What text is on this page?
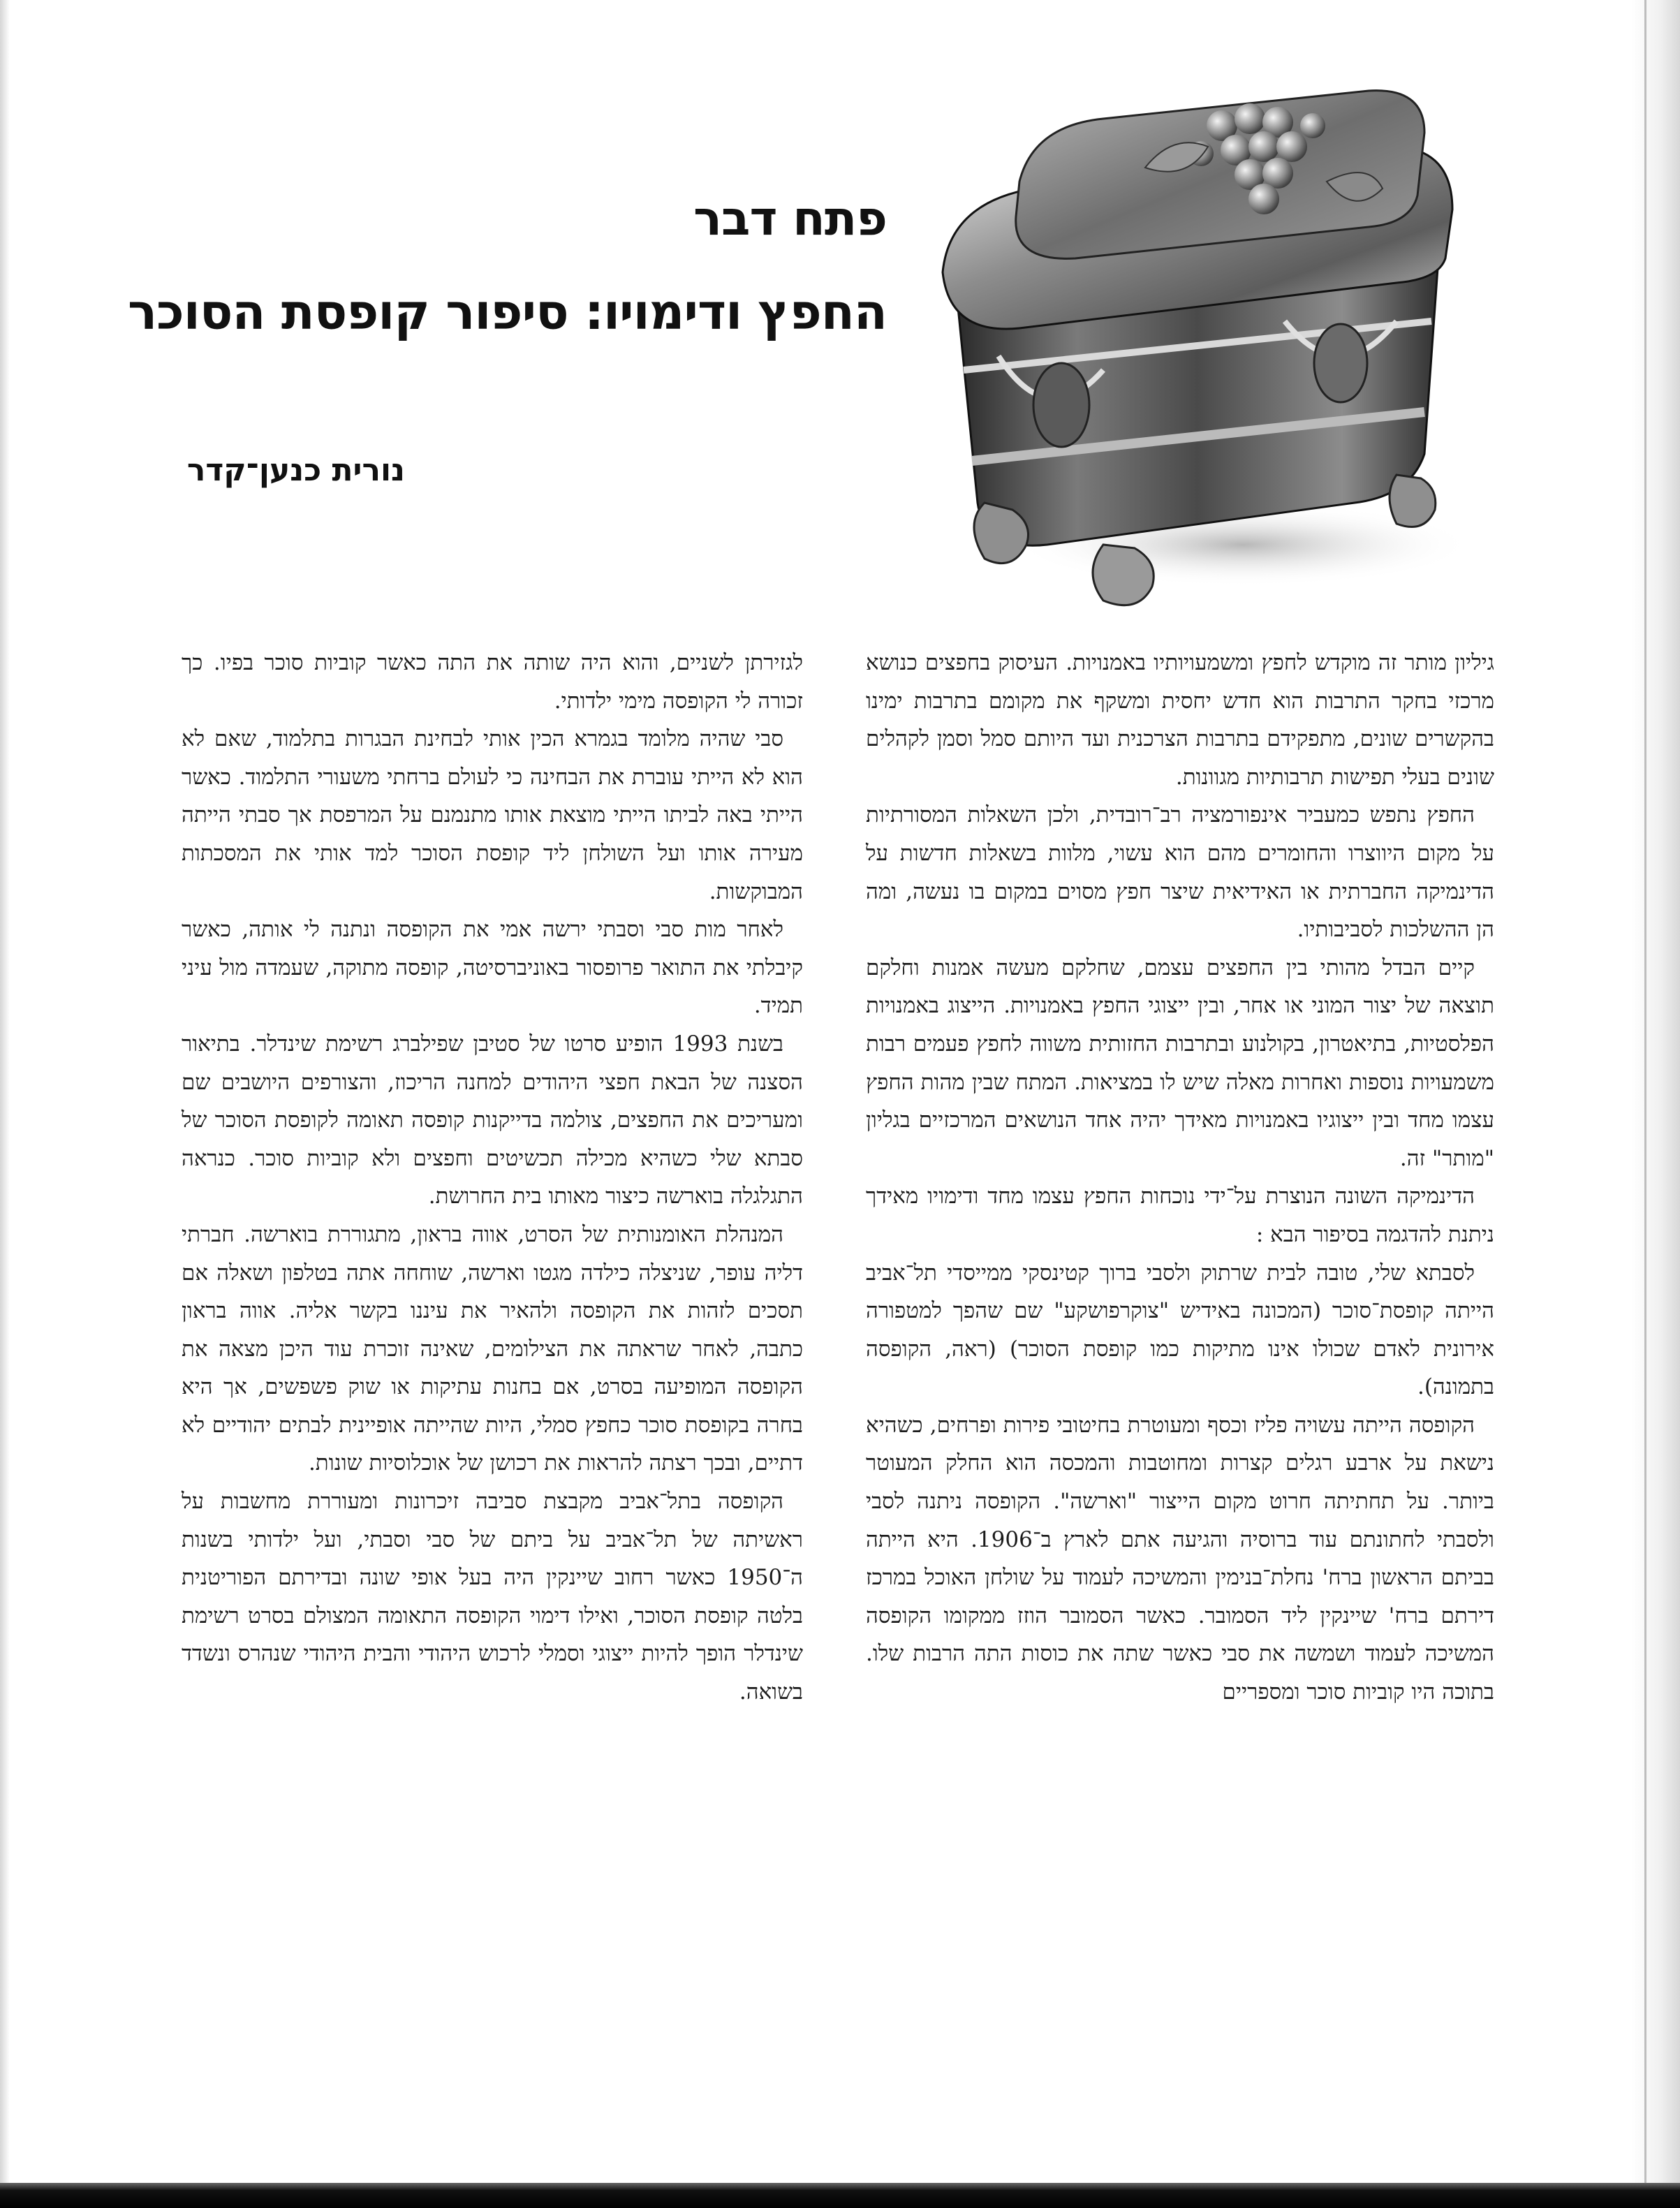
פתח דבר
החפץ ודימויו: סיפור קופסת הסוכר
נורית כנען־קדר

גיליון מותר זה מוקדש לחפץ ומשמעויותיו באמנויות. העיסוק בחפצים כנושא מרכזי בחקר התרבות הוא חדש יחסית ומשקף את מקומם בתרבות ימינו בהקשרים שונים, מתפקידם בתרבות הצרכנית ועד היותם סמל וסמן לקהלים שונים בעלי תפישות תרבותיות מגוונות.

החפץ נתפש כמעביר אינפורמציה רב־רובדית, ולכן השאלות המסורתיות על מקום היווצרו והחומרים מהם הוא עשוי, מלוות בשאלות חדשות על הדינמיקה החברתית או האידיאית שיצר חפץ מסוים במקום בו נעשה, ומה הן ההשלכות לסביבותיו.

קיים הבדל מהותי בין החפצים עצמם, שחלקם מעשה אמנות וחלקם תוצאה של יצור המוני או אחר, ובין ייצוגי החפץ באמנויות. הייצוג באמנויות הפלסטיות, בתיאטרון, בקולנוע ובתרבות החזותית משווה לחפץ פעמים רבות משמעויות נוספות ואחרות מאלה שיש לו במציאות. המתח שבין מהות החפץ עצמו מחד ובין ייצוגיו באמנויות מאידך יהיה אחד הנושאים המרכזיים בגליון "מותר" זה.

הדינמיקה השונה הנוצרת על־ידי נוכחות החפץ עצמו מחד ודימויו מאידך ניתנת להדגמה בסיפור הבא :

לסבתא שלי, טובה לבית שרתוק ולסבי ברוך קטינסקי ממייסדי תל־אביב הייתה קופסת־סוכר (המכונה באידיש "צוקרפושקע" שם שהפך למטפורה אירונית לאדם שכולו אינו מתיקות כמו קופסת הסוכר) (ראה, הקופסה בתמונה).

הקופסה הייתה עשויה פליז וכסף ומעוטרת בחיטובי פירות ופרחים, כשהיא נישאת על ארבע רגלים קצרות ומחוטבות והמכסה הוא החלק המעוטר ביותר. על תחתיתה חרוט מקום הייצור "וארשה". הקופסה ניתנה לסבי ולסבתי לחתונתם עוד ברוסיה והגיעה אתם לארץ ב־1906. היא הייתה בביתם הראשון ברח' נחלת־בנימין והמשיכה לעמוד על שולחן האוכל במרכז דירתם ברח' שיינקין ליד הסמובר. כאשר הסמובר הוזז ממקומו הקופסה המשיכה לעמוד ושמשה את סבי כאשר שתה את כוסות התה הרבות שלו. בתוכה היו קוביות סוכר ומספריים

לגזירתן לשניים, והוא היה שותה את התה כאשר קוביות סוכר בפיו. כך זכורה לי הקופסה מימי ילדותי.

סבי שהיה מלומד בגמרא הכין אותי לבחינת הבגרות בתלמוד, שאם לא הוא לא הייתי עוברת את הבחינה כי לעולם ברחתי משעורי התלמוד. כאשר הייתי באה לביתו הייתי מוצאת אותו מתנמנם על המרפסת אך סבתי הייתה מעירה אותו ועל השולחן ליד קופסת הסוכר למד אותי את המסכתות המבוקשות.

לאחר מות סבי וסבתי ירשה אמי את הקופסה ונתנה לי אותה, כאשר קיבלתי את התואר פרופסור באוניברסיטה, קופסה מתוקה, שעמדה מול עיני תמיד.

בשנת 1993 הופיע סרטו של סטיבן שפילברג רשימת שינדלר. בתיאור הסצנה של הבאת חפצי היהודים למחנה הריכוז, והצורפים היושבים שם ומעריכים את החפצים, צולמה בדייקנות קופסה תאומה לקופסת הסוכר של סבתא שלי כשהיא מכילה תכשיטים וחפצים ולא קוביות סוכר. כנראה התגלגלה בוארשה כיצור מאותו בית החרושת.

המנהלת האומנותית של הסרט, אווה בראון, מתגוררת בוארשה. חברתי דליה עופר, שניצלה כילדה מגטו וארשה, שוחחה אתה בטלפון ושאלה אם תסכים לזהות את הקופסה ולהאיר את עיננו בקשר אליה. אווה בראון כתבה, לאחר שראתה את הצילומים, שאינה זוכרת עוד היכן מצאה את הקופסה המופיעה בסרט, אם בחנות עתיקות או שוק פשפשים, אך היא בחרה בקופסת סוכר כחפץ סמלי, היות שהייתה אופיינית לבתים יהודיים לא דתיים, ובכך רצתה להראות את רכושן של אוכלוסיות שונות.

הקופסה בתל־אביב מקבצת סביבה זיכרונות ומעוררת מחשבות על ראשיתה של תל־אביב על ביתם של סבי וסבתי, ועל ילדותי בשנות ה־1950 כאשר רחוב שיינקין היה בעל אופי שונה ובדירתם הפוריטנית בלטה קופסת הסוכר, ואילו דימוי הקופסה התאומה המצולם בסרט רשימת שינדלר הופך להיות ייצוגי וסמלי לרכוש היהודי והבית היהודי שנהרס ונשדד בשואה.
